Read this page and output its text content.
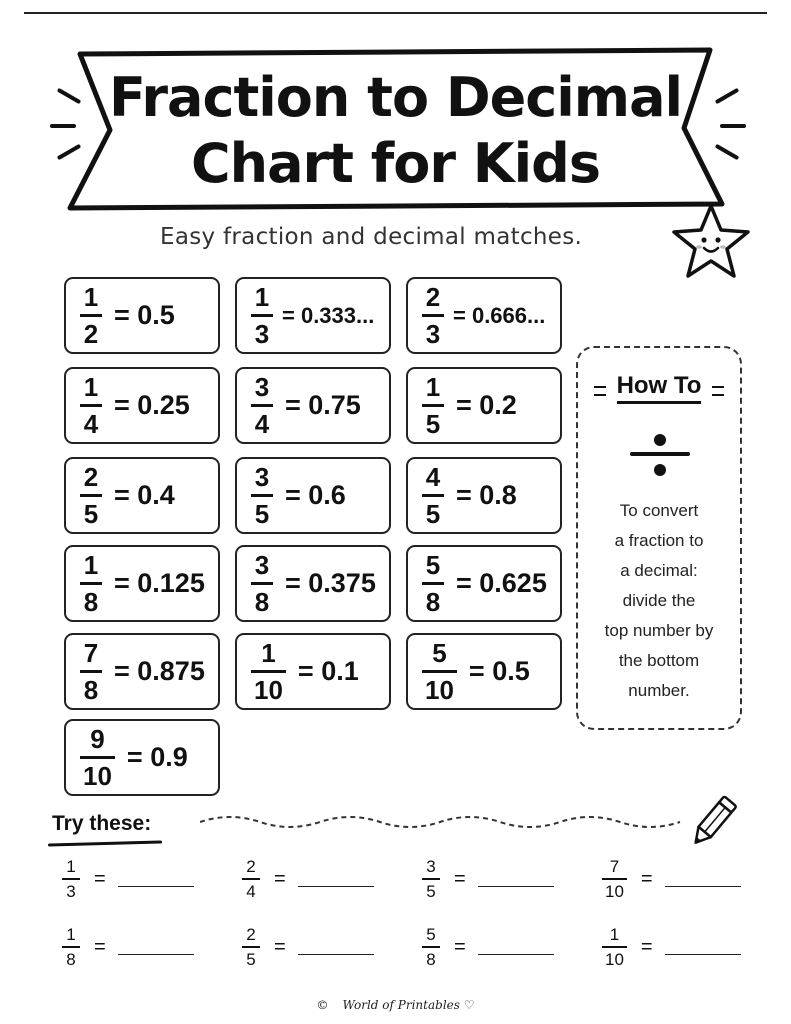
Fraction to Decimal
Chart for Kids
Easy fraction and decimal matches.
$\frac{1}{2} = 0.5$	$\frac{1}{3} = 0.333$... $\frac{2}{3} = 0.666$...
$\frac{1}{4} = 0.25 \frac{3}{4} = 0.75 \frac{1}{5} = 0.2$
$\frac{2}{5} = 0.4$	$\frac{3}{5} = 0.6$	$\frac{4}{5} = 0.8$
$\frac{1}{8} = 0.125 \frac{3}{8} = 0.375 \frac{5}{8} = 0.625$
$\frac{7}{8} = 0.875 \frac{1}{10} = 0.1 \frac{5}{10} = 0.5$
$\frac{9}{10} = 0.9$
How To
To convert
a fraction to
a decimal:
divide the
top number by
the bottom
number.
Try these:
$\frac{1}{3}$ =	$\frac{2}{4}$ =	$\frac{3}{5}$ =	$\frac{7}{10}$ =
$\frac{1}{8}$ =	$\frac{2}{5}$ =	$\frac{5}{8}$ =	$\frac{1}{10}$ =
© World of Printables ♡
